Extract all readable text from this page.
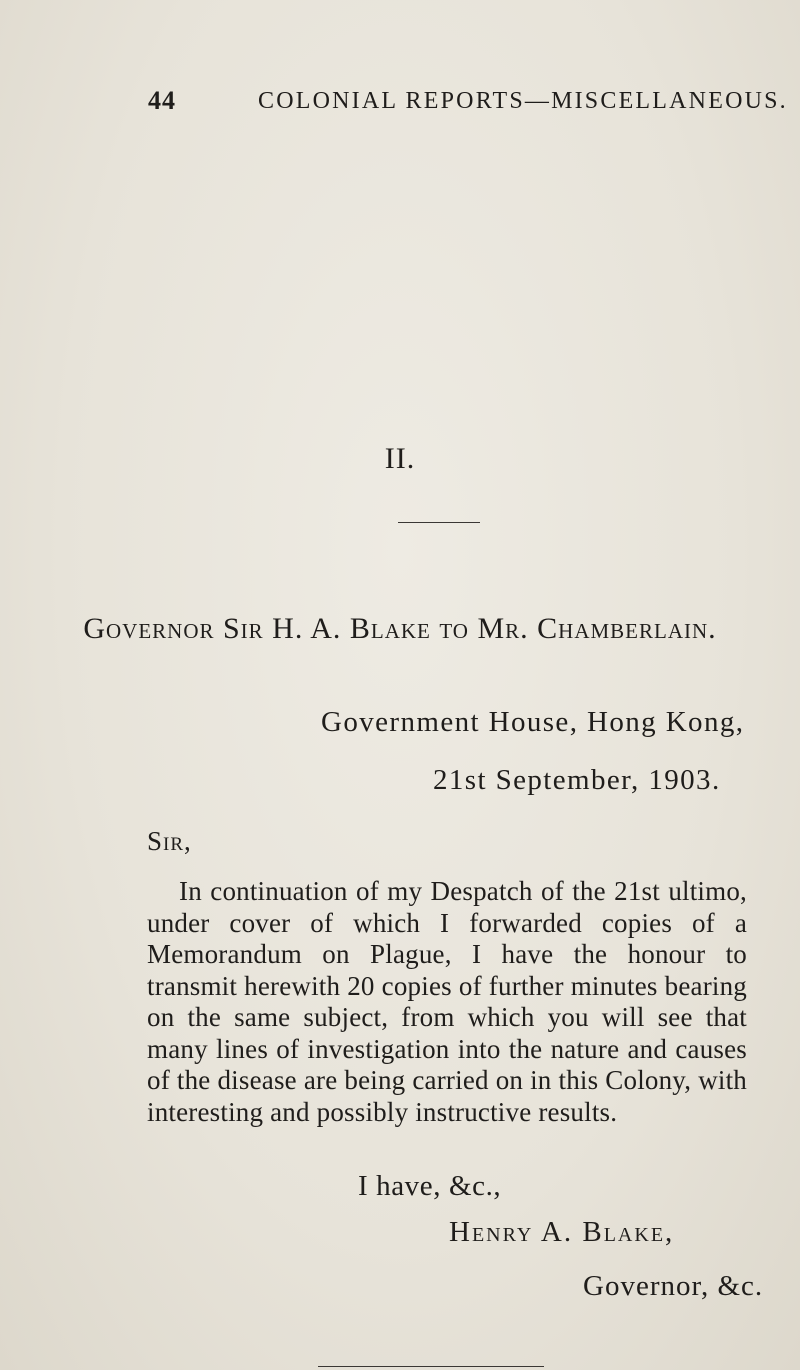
44	COLONIAL REPORTS—MISCELLANEOUS.
II.
Governor Sir H. A. Blake to Mr. Chamberlain.
Government House, Hong Kong,
21st September, 1903.
Sir,
In continuation of my Despatch of the 21st ultimo, under cover of which I forwarded copies of a Memorandum on Plague, I have the honour to transmit herewith 20 copies of further minutes bearing on the same subject, from which you will see that many lines of investigation into the nature and causes of the disease are being carried on in this Colony, with interesting and possibly instructive results.
I have, &c.,
Henry A. Blake,
Governor, &c.
